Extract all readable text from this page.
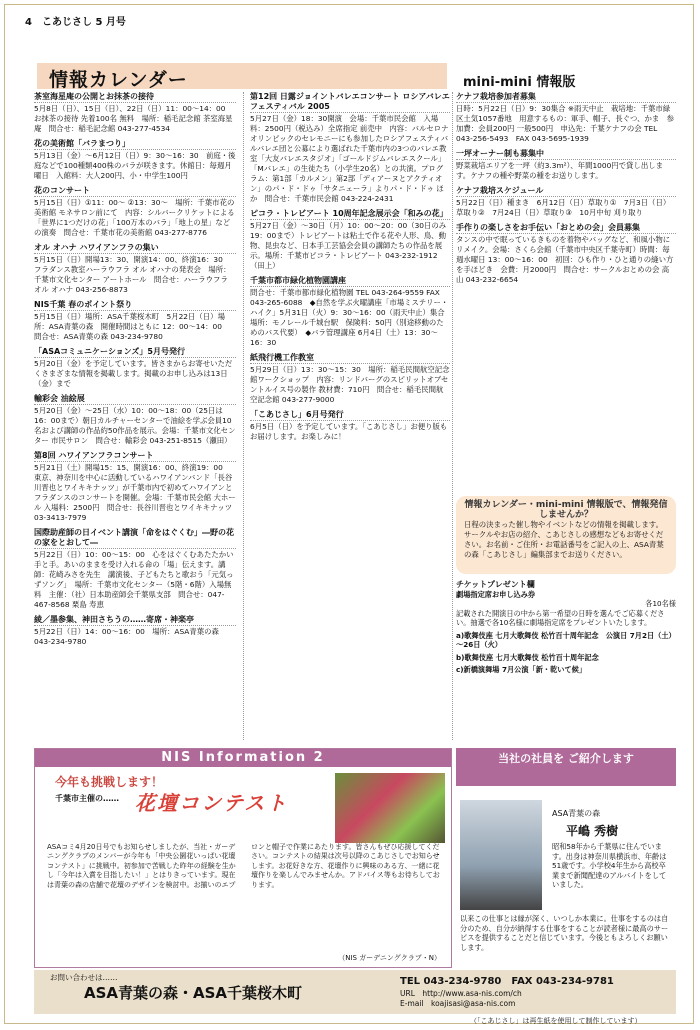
4　こあじさし 5 月号
情報カレンダー	mini-mini 情報版
茶室海星庵の公開とお抹茶の接待
5月8日（日）、15日（日）、22日（日）11：00～14：00　お抹茶の接待 先着100名 無料　場所：稲毛記念館 茶室海星庵　問合せ：稲毛記念館 043-277-4534
花の美術館「バラまつり」
5月13日（金）～6月12日（日）9：30～16：30　前庭・後庭などで100種類400株のバラが咲きます。休館日：毎週月曜日　入館料：大人200円、小・中学生100円
花のコンサート
5月15日（日）①11：00～ ②13：30～　場所：千葉市花の美術館 モネサロン前にて　内容：シルバークリケットによる「世界に1つだけの花」「100万本のバラ」「地上の星」などの演奏　問合せ：千葉市花の美術館 043-277-8776
オル オハナ ハワイアンフラの集い
5月15日（日）開場13：30、開演14：00、終演16：30　フラダンス教室ハーラウフラ オル オハナの発表会　場所：千葉市文化センター アートホール　問合せ：ハーラウフラ オル オハナ 043-256-8873
NIS千葉 春のポイント祭り
5月15日（日）場所：ASA千葉桜木町　5月22日（日）場所：ASA青葉の森　開催時間はともに 12：00～14：00　問合せ：ASA青葉の森 043-234-9780
「ASAコミュニケーションズ」5月号発行
5月20日（金）を予定しています。皆さまからお寄せいただくさまざまな情報を掲載します。掲載のお申し込みは13日（金）まで
輸彩会 油絵展
5月20日（金）～25日（水）10：00～18：00（25日は16：00まで）朝日カルチャーセンターで油絵を学ぶ会員10名および講師の作品約50作品を展示。会場：千葉市文化センター 市民サロン　問合せ：輸彩会 043-251-8515（瀬田）
第8回 ハワイアンフラコンサート
5月21日（土）開場15：15、開演16：00、終演19：00　東京、神奈川を中心に活動しているハワイアンバンド「長谷川晋也とワイキキナッツ」が千葉市内で初めてハワイアンとフラダンスのコンサートを開催。会場：千葉市民会館 大ホール 入場料：2500円　問合せ：長谷川晋也とワイキキナッツ 03-3413-7979
国際助産師の日イベント講演「命をはぐくむ」―野の花の家をとおして―
5月22日（日）10：00～15：00　心をはぐくむあたたかい手と手。あいのままを受け入れる命の「場」伝えます。講師：花崎みさを先生　講演後、子どもたちと歌おう「元気っずソング」　場所：千葉市文化センター（5階・6階）入場無料　主催：（社）日本助産師会千葉県支部　問合せ：047-467-8568 栗島 寿恵
綾／墨参集、神田さちうの……寄席・神楽亭
5月22日（日）14：00～16：00　場所：ASA青葉の森 043-234-9780
第12回 日露ジョイントバレエコンサート ロシアバレエフェスティバル 2005
5月27日（金）18：30開演　会場：千葉市民会館　入場料：2500円（税込み）全席指定 前売中　内容：バルセロナオリンピックのセレモニーにも参加したロシアフェスティバルバレエ団と公募により選ばれた千葉市内の3つのバレエ教室「大友バレエスタジオ」「ゴールドジムバレエスクール」「Mバレエ」の生徒たち（小学生20名）との共演。プログラム：第1部「カルメン」第2部「ディアーヌとアクティオン」のパ・ド・ドゥ「サタニェーラ」よりパ・ド・ドゥ ほか　問合せ：千葉市民会館 043-224-2431
ピコラ・トレビアート 10周年記念展示会「和みの花」
5月27日（金）～30日（月）10：00～20：00（30日のみ19：00まで）トレビアートは粘土で作る花や人形、鳥、動物、昆虫など、日本手工芸協会会員の講師たちの作品を展示。場所：千葉市ピコラ・トレビアート 043-232-1912（田上）
千葉市都市緑化植物園講座
問合せ：千葉市都市緑化植物園 TEL 043-264-9559 FAX 043-265-6088　◆自然を学ぶ火曜講座「市場ミステリー・ハイク」5月31日（火）9：30～16：00（雨天中止）集合場所：モノレール千城台駅　保険料：50円（別途移動のためのバス代要）　◆バラ管理講座 6月4日（土）13：30～16：30
紙飛行機工作教室
5月29日（日）13：30～15：30　場所：稲毛民間航空記念館ワークショップ　内容：リンドバーグのスピリットオブセントルイス号の製作 教材費：710円　問合せ：稲毛民間航空記念館 043-277-9000
「こあじさし」6月号発行
6月5日（日）を予定しています。「こあじさし」お便り版もお届けします。お楽しみに！
ケナフ栽培参加者募集
日時：5月22日（日）9：30集合 ※雨天中止　栽培地：千葉市緑区土気1057番地　用意するもの：軍手、帽子、長ぐつ、かま　参加費：会員200円 一般500円　申込先：千葉ケナフの会 TEL 043-256-5493　FAX 043-5695-1939
一坪オーナー制も募集中
野菜栽培エリアを一坪（約3.3m²）、年間1000円で貸し出します。ケナフの種や野菜の種をお送りします。
ケナフ栽培スケジュール
5月22日（日）種まき　6月12日（日）草取り①　7月3日（日）草取り②　7月24日（日）草取り③　10月中旬 刈り取り
手作りの楽しさをお手伝い「おとめの会」会員募集
タンスの中で眠っているきものを着物やバッグなど、和風小物にリメイク。会場：さくら会館（千葉市中央区千葉寺町）時間：毎週水曜日 13：00～16：00　初回：ひも作り・ひと通りの縫い方を手ほどき　会費：月2000円　問合せ：サークルおとめの会 高山 043-232-6654
情報カレンダー・mini-mini 情報版で、情報発信しませんか？
日程の決まった催し物やイベントなどの情報を掲載します。サークルやお店の紹介、こあじさしの感想などもお寄せください。お名前・ご住所・お電話番号をご記入の上、ASA青葉の森「こあじさし」編集部までお送りください。
チケットプレゼント欄
劇場指定席お申し込み券
各10名様
記載された開演日の中から第一希望の日時を選んでご応募ください。抽選で各10名様に劇場指定席をプレゼントいたします。
a)歌舞伎座 七月大歌舞伎 松竹百十周年記念　公演日 7月2日（土）～26日（火）
b)歌舞伎座 七月大歌舞伎 松竹百十周年記念
c)新橋演舞場 7月公演「新・乾いて候」
NIS Information 2
今年も挑戦します！
千葉市主催の…… 花壇コンテスト
ASAコミ4月20日号でもお知らせしましたが、当社・ガーデニングクラブのメンバーが今年も「中央公園花いっぱい花壇コンテスト」に挑戦中。初参加で苦戦した昨年の経験を生かし「今年は入賞を目指したい！」とはりきっています。現在は青葉の森の店舗で花壇のデザインを検討中。お揃いのエプロンと帽子で作業にあたります。皆さんもぜひ応援してください。コンテストの結果は次号以降のこあじさしでお知らせします。お花好きな方、花壇作りに興味のある方、一緒に花壇作りを楽しんでみませんか。アドバイス等もお待ちしております。
（NIS ガーデニングクラブ・N）
当社の社員を ご紹介します
ASA青葉の森
平嶋 秀樹
昭和58年から千葉県に住んでいます。出身は神奈川県横浜市、年齢は51歳です。小学校4年生から高校卒業まで新聞配達のアルバイトをしていました。
以来この仕事とは縁が深く、いつしか本業に。仕事をするのは自分のため、自分が納得する仕事をすることが読者様に最高のサービスを提供することだと信じています。今後ともよろしくお願いします。
お問い合わせは……
ASA青葉の森・ASA千葉桜木町
TEL 043-234-9780　FAX 043-234-9781
URL　http://www.asa-nis.com/ch
E-mail　koajisasi@asa-nis.com
（「こあじさし」は再生紙を使用して制作しています）
